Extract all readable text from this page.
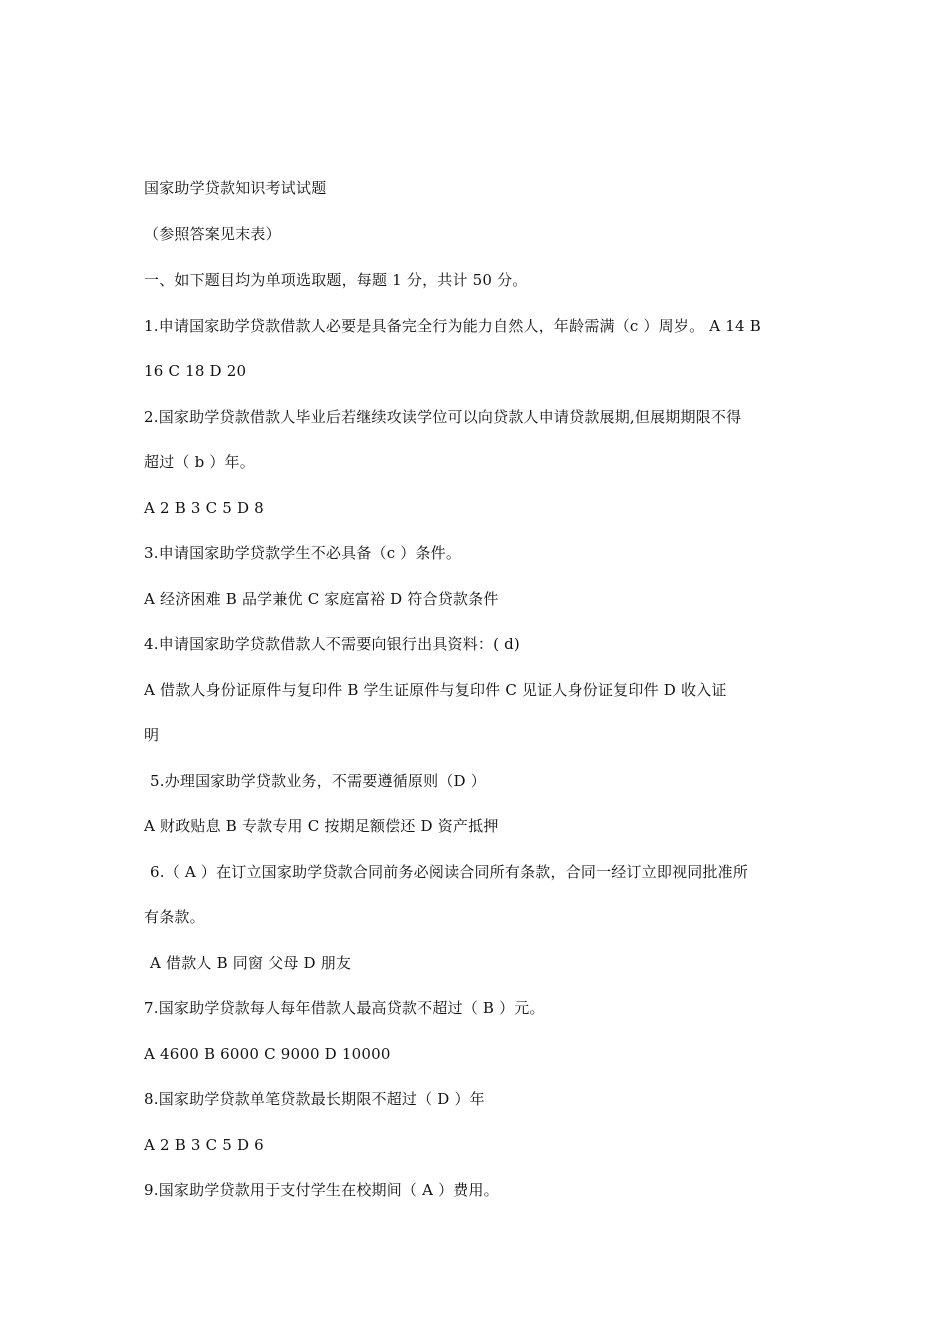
国家助学贷款知识考试试题
（参照答案见末表）
一、如下题目均为单项选取题，每题 1 分，共计 50 分。
1.申请国家助学贷款借款人必要是具备完全行为能力自然人，年龄需满（c ）周岁。 A 14 B
16 C 18 D 20
2.国家助学贷款借款人毕业后若继续攻读学位可以向贷款人申请贷款展期,但展期期限不得
超过（ b ）年。
A 2 B 3 C 5 D 8
3.申请国家助学贷款学生不必具备（c ）条件。
A 经济困难 B 品学兼优 C 家庭富裕 D 符合贷款条件
4.申请国家助学贷款借款人不需要向银行出具资料：( d)
A 借款人身份证原件与复印件 B 学生证原件与复印件 C 见证人身份证复印件 D 收入证
明
5.办理国家助学贷款业务，不需要遵循原则（D ）
A 财政贴息 B 专款专用 C 按期足额偿还 D 资产抵押
6.（ A ）在订立国家助学贷款合同前务必阅读合同所有条款，合同一经订立即视同批准所
有条款。
A 借款人 B 同窗 父母 D 朋友
7.国家助学贷款每人每年借款人最高贷款不超过（ B ）元。
A 4600 B 6000 C 9000 D 10000
8.国家助学贷款单笔贷款最长期限不超过（ D ）年
A 2 B 3 C 5 D 6
9.国家助学贷款用于支付学生在校期间（ A ）费用。
